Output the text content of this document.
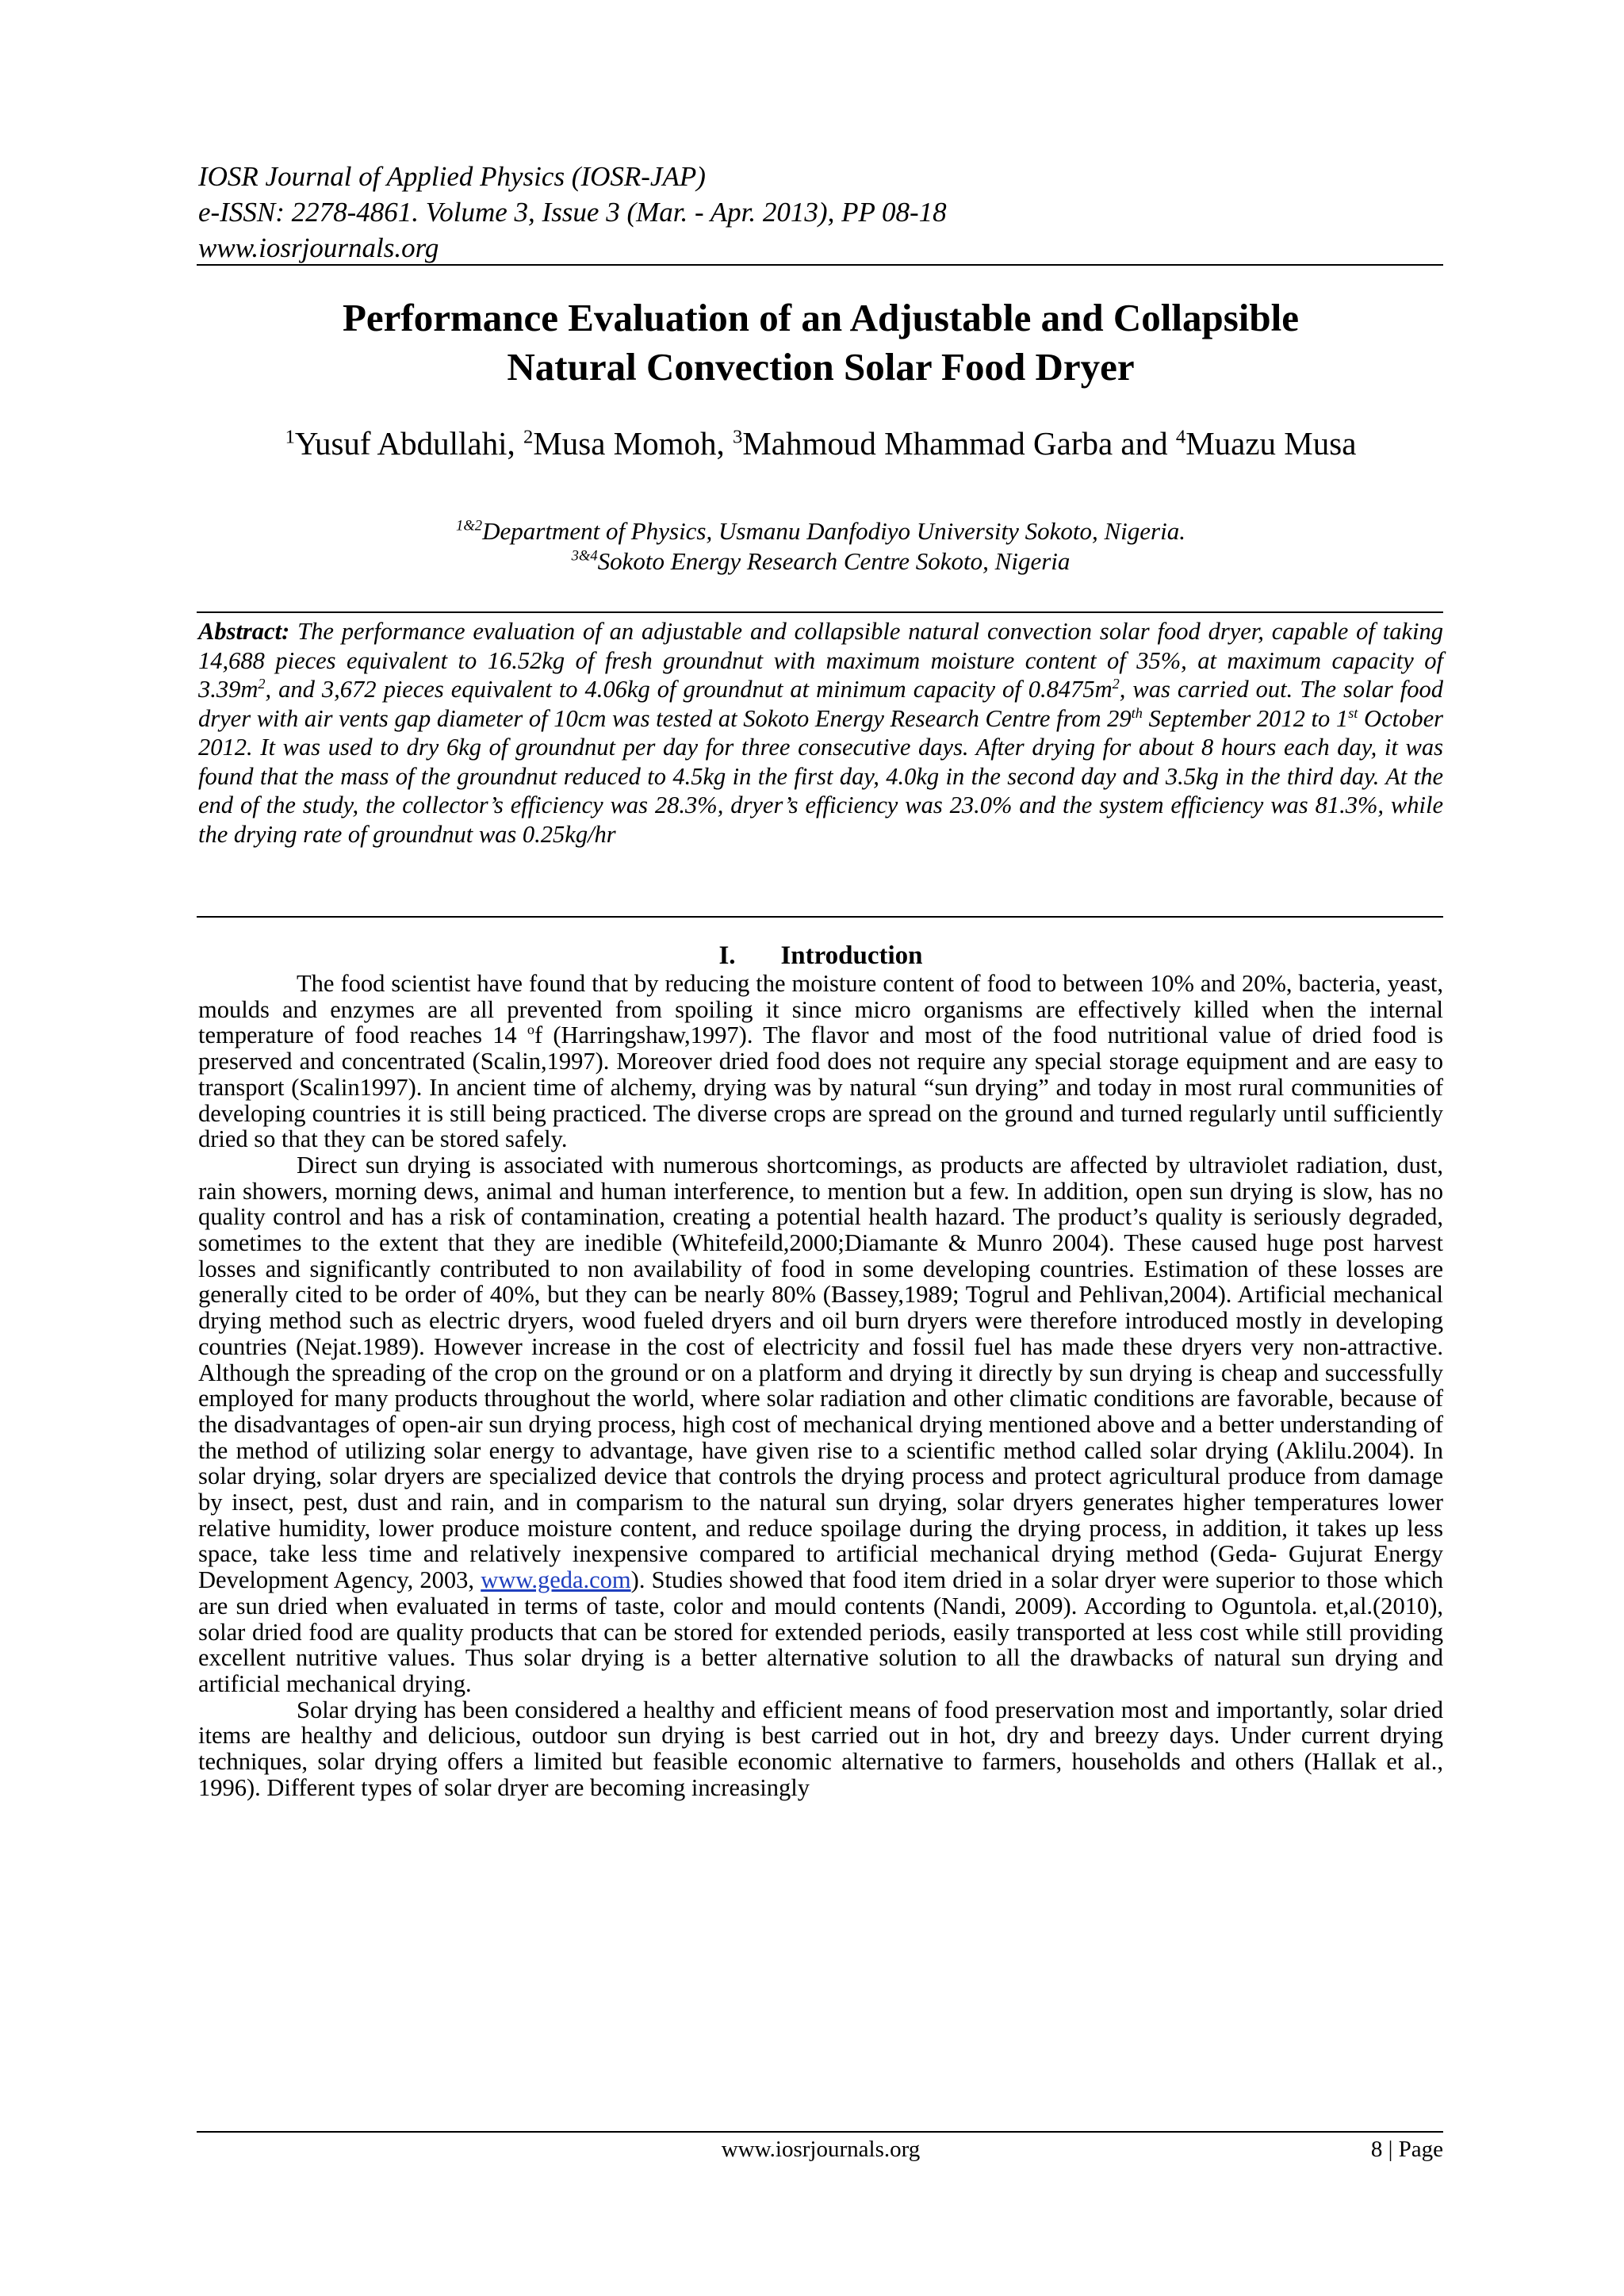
IOSR Journal of Applied Physics (IOSR-JAP)
e-ISSN: 2278-4861. Volume 3, Issue 3 (Mar. - Apr. 2013), PP 08-18
www.iosrjournals.org
Performance Evaluation of an Adjustable and Collapsible
Natural Convection Solar Food Dryer
$^1$Yusuf Abdullahi, $^2$Musa Momoh, $^3$Mahmoud Mhammad Garba and $^4$Muazu Musa
$^{1\&2}$Department of Physics, Usmanu Danfodiyo University Sokoto, Nigeria.
$^{3\&4}$Sokoto Energy Research Centre Sokoto, Nigeria
Abstract: The performance evaluation of an adjustable and collapsible natural convection solar food dryer, capable of taking 14,688 pieces equivalent to 16.52kg of fresh groundnut with maximum moisture content of 35%, at maximum capacity of $3.39m^2$, and 3,672 pieces equivalent to 4.06kg of groundnut at minimum capacity of $0.8475m^2$, was carried out. The solar food dryer with air vents gap diameter of 10cm was tested at Sokoto Energy Research Centre from 29th September 2012 to 1st October 2012. It was used to dry 6kg of groundnut per day for three consecutive days. After drying for about 8 hours each day, it was found that the mass of the groundnut reduced to 4.5kg in the first day, 4.0kg in the second day and 3.5kg in the third day. At the end of the study, the collector’s efficiency was 28.3%, dryer’s efficiency was 23.0% and the system efficiency was 81.3%, while the drying rate of groundnut was 0.25kg/hr
I. Introduction

The food scientist have found that by reducing the moisture content of food to between 10% and 20%, bacteria, yeast, moulds and enzymes are all prevented from spoiling it since micro organisms are effectively killed when the internal temperature of food reaches 14 $^o$f (Harringshaw,1997). The flavor and most of the food nutritional value of dried food is preserved and concentrated (Scalin,1997). Moreover dried food does not require any special storage equipment and are easy to transport (Scalin1997). In ancient time of alchemy, drying was by natural “sun drying” and today in most rural communities of developing countries it is still being practiced. The diverse crops are spread on the ground and turned regularly until sufficiently dried so that they can be stored safely.

Direct sun drying is associated with numerous shortcomings, as products are affected by ultraviolet radiation, dust, rain showers, morning dews, animal and human interference, to mention but a few. In addition, open sun drying is slow, has no quality control and has a risk of contamination, creating a potential health hazard. The product’s quality is seriously degraded, sometimes to the extent that they are inedible (Whitefeild,2000;Diamante & Munro 2004). These caused huge post harvest losses and significantly contributed to non availability of food in some developing countries. Estimation of these losses are generally cited to be order of 40%, but they can be nearly 80% (Bassey,1989; Togrul and Pehlivan,2004). Artificial mechanical drying method such as electric dryers, wood fueled dryers and oil burn dryers were therefore introduced mostly in developing countries (Nejat.1989). However increase in the cost of electricity and fossil fuel has made these dryers very non-attractive. Although the spreading of the crop on the ground or on a platform and drying it directly by sun drying is cheap and successfully employed for many products throughout the world, where solar radiation and other climatic conditions are favorable, because of the disadvantages of open-air sun drying process, high cost of mechanical drying mentioned above and a better understanding of the method of utilizing solar energy to advantage, have given rise to a scientific method called solar drying (Aklilu.2004). In solar drying, solar dryers are specialized device that controls the drying process and protect agricultural produce from damage by insect, pest, dust and rain, and in comparism to the natural sun drying, solar dryers generates higher temperatures lower relative humidity, lower produce moisture content, and reduce spoilage during the drying process, in addition, it takes up less space, take less time and relatively inexpensive compared to artificial mechanical drying method (Geda- Gujurat Energy Development Agency, 2003, www.geda.com). Studies showed that food item dried in a solar dryer were superior to those which are sun dried when evaluated in terms of taste, color and mould contents (Nandi, 2009). According to Oguntola. et,al.(2010), solar dried food are quality products that can be stored for extended periods, easily transported at less cost while still providing excellent nutritive values. Thus solar drying is a better alternative solution to all the drawbacks of natural sun drying and artificial mechanical drying.

Solar drying has been considered a healthy and efficient means of food preservation most and importantly, solar dried items are healthy and delicious, outdoor sun drying is best carried out in hot, dry and breezy days. Under current drying techniques, solar drying offers a limited but feasible economic alternative to farmers, households and others (Hallak et al., 1996). Different types of solar dryer are becoming increasingly

www.iosrjournals.org	8 | Page
